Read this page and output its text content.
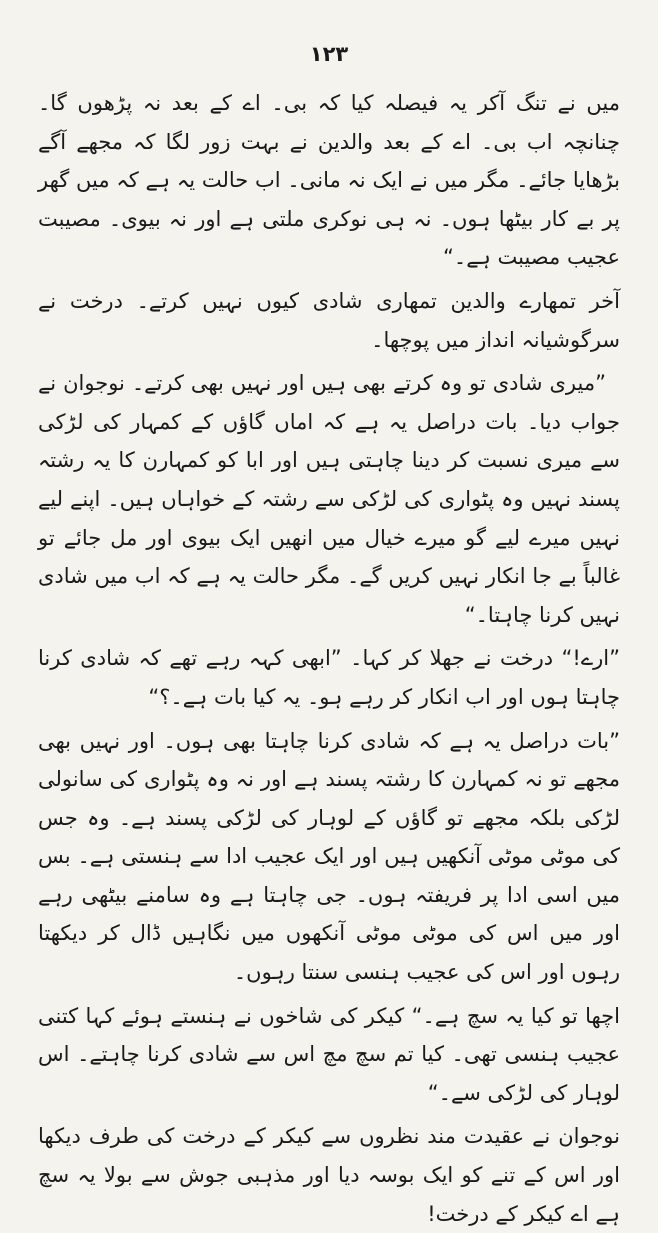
۱۲۳

میں نے تنگ آکر یہ فیصلہ کیا کہ بی۔ اے کے بعد نہ پڑھوں گا۔ چنانچہ اب بی۔ اے کے بعد والدین نے بہت زور لگا کہ مجھے آگے بڑھایا جائے۔ مگر میں نے ایک نہ مانی۔ اب حالت یہ ہے کہ میں گھر پر بے کار بیٹھا ہوں۔ نہ ہی نوکری ملتی ہے اور نہ بیوی۔ مصیبت عجیب مصیبت ہے۔“

آخر تمھارے والدین تمھاری شادی کیوں نہیں کرتے۔ درخت نے سرگوشیانہ انداز میں پوچھا۔

”میری شادی تو وہ کرتے بھی ہیں اور نہیں بھی کرتے۔ نوجوان نے جواب دیا۔ بات دراصل یہ ہے کہ اماں گاؤں کے کمہار کی لڑکی سے میری نسبت کر دینا چاہتی ہیں اور ابا کو کمہارن کا یہ رشتہ پسند نہیں وہ پٹواری کی لڑکی سے رشتہ کے خواہاں ہیں۔ اپنے لیے نہیں میرے لیے گو میرے خیال میں انھیں ایک بیوی اور مل جائے تو غالباً بے جا انکار نہیں کریں گے۔ مگر حالت یہ ہے کہ اب میں شادی نہیں کرنا چاہتا۔“

”ارے!“ درخت نے جھلا کر کہا۔ ”ابھی کہہ رہے تھے کہ شادی کرنا چاہتا ہوں اور اب انکار کر رہے ہو۔ یہ کیا بات ہے۔؟“

”بات دراصل یہ ہے کہ شادی کرنا چاہتا بھی ہوں۔ اور نہیں بھی مجھے تو نہ کمہارن کا رشتہ پسند ہے اور نہ وہ پٹواری کی سانولی لڑکی بلکہ مجھے تو گاؤں کے لوہار کی لڑکی پسند ہے۔ وہ جس کی موٹی موٹی آنکھیں ہیں اور ایک عجیب ادا سے ہنستی ہے۔ بس میں اسی ادا پر فریفتہ ہوں۔ جی چاہتا ہے وہ سامنے بیٹھی رہے اور میں اس کی موٹی موٹی آنکھوں میں نگاہیں ڈال کر دیکھتا رہوں اور اس کی عجیب ہنسی سنتا رہوں۔

اچھا تو کیا یہ سچ ہے۔“ کیکر کی شاخوں نے ہنستے ہوئے کہا کتنی عجیب ہنسی تھی۔ کیا تم سچ مچ اس سے شادی کرنا چاہتے۔ اس لوہار کی لڑکی سے۔“

نوجوان نے عقیدت مند نظروں سے کیکر کے درخت کی طرف دیکھا اور اس کے تنے کو ایک بوسہ دیا اور مذہبی جوش سے بولا یہ سچ ہے اے کیکر کے درخت!
